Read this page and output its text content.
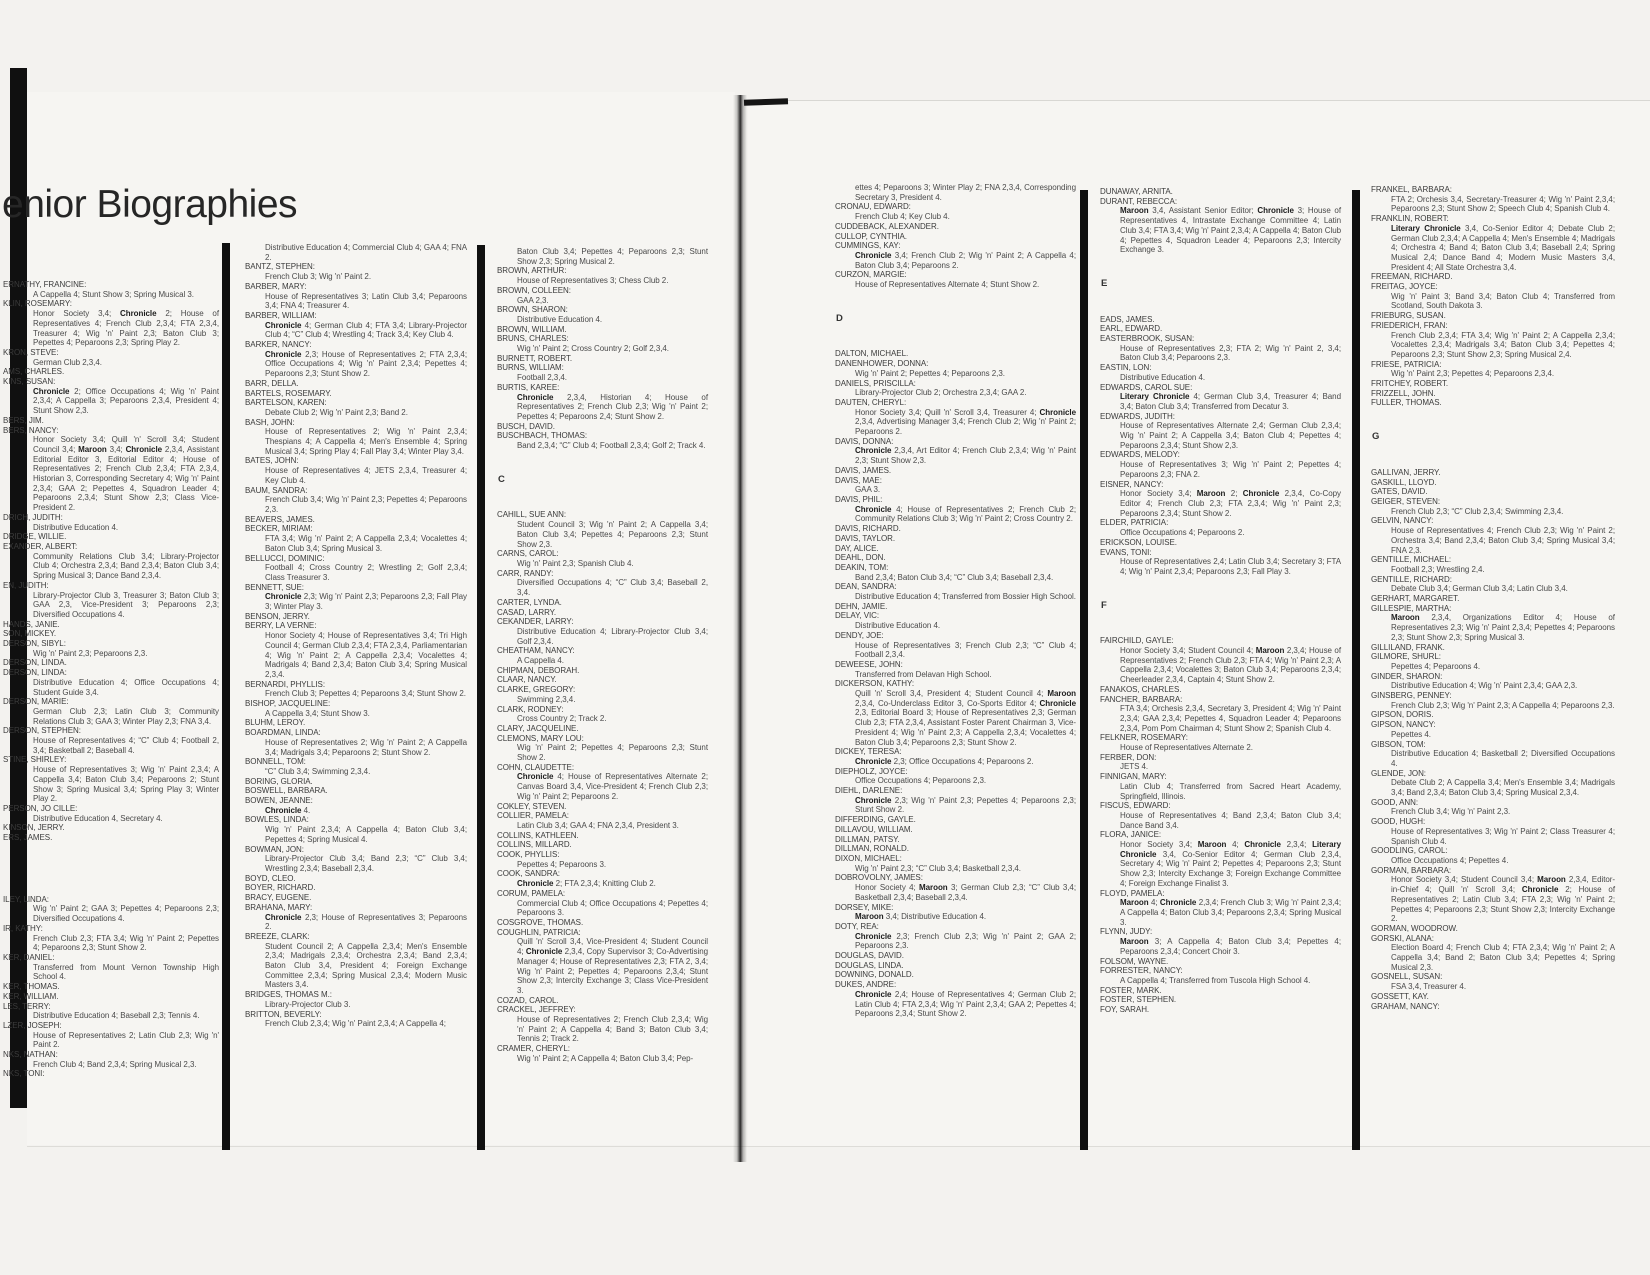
enior Biographies
ERNATHY, FRANCINE:
A Cappella 4; Stunt Show 3; Spring Musical 3.
KLIN, ROSEMARY:
Honor Society 3,4; Chronicle 2; House of Representatives 4; French Club 2,3,4; FTA 2,3,4, Treasurer 4; Wig 'n' Paint 2,3; Baton Club 3; Pepettes 4; Peparoons 2,3; Spring Play 2.
KRON, STEVE:
German Club 2,3,4.
AMS, CHARLES.
KINS, SUSAN:
Chronicle 2; Office Occupations 4; Wig 'n' Paint 2,3,4; A Cappella 3; Peparoons 2,3,4, President 4; Stunt Show 2,3.
BERS, JIM.
BERS, NANCY:
Honor Society 3,4; Quill 'n' Scroll 3,4; Student Council 3,4; Maroon 3,4; Chronicle 2,3,4, Assistant Editorial Editor 3, Editorial Editor 4; House of Representatives 2; French Club 2,3,4; FTA 2,3,4, Historian 3, Corresponding Secretary 4; Wig 'n' Paint 2,3,4; GAA 2; Pepettes 4, Squadron Leader 4; Peparoons 2,3,4; Stunt Show 2,3; Class Vice-President 2.
DRICH, JUDITH:
Distributive Education 4.
DRIDGE, WILLIE.
EXANDER, ALBERT:
Community Relations Club 3,4; Library-Projector Club 4; Orchestra 2,3,4; Band 2,3,4; Baton Club 3,4; Spring Musical 3; Dance Band 2,3,4.
EN, JUDITH:
Library-Projector Club 3, Treasurer 3; Baton Club 3; GAA 2,3, Vice-President 3; Peparoons 2,3; Diversified Occupations 4.
HANDS, JANIE.
SON, MICKEY.
DERSON, SIBYL:
Wig 'n' Paint 2,3; Peparoons 2,3.
DERSON, LINDA.
DERSON, LINDA:
Distributive Education 4; Office Occupations 4; Student Guide 3,4.
DERSON, MARIE:
German Club 2,3; Latin Club 3; Community Relations Club 3; GAA 3; Winter Play 2,3; FNA 3,4.
DERSON, STEPHEN:
House of Representatives 4; “C” Club 4; Football 2, 3,4; Basketball 2; Baseball 4.
STINE, SHIRLEY:
House of Representatives 3; Wig 'n' Paint 2,3,4; A Cappella 3,4; Baton Club 3,4; Peparoons 2; Stunt Show 3; Spring Musical 3,4; Spring Play 3; Winter Play 2.
PERSON, JO CILLE:
Distributive Education 4, Secretary 4.
KINSON, JERRY.
ERS, JAMES.
ILEY, LINDA:
Wig 'n' Paint 2; GAA 3; Pepettes 4; Peparoons 2,3; Diversified Occupations 4.
IR, KATHY:
French Club 2,3; FTA 3,4; Wig 'n' Paint 2; Pepettes 4; Peparoons 2,3; Stunt Show 2.
KER, DANIEL:
Transferred from Mount Vernon Township High School 4.
KER, THOMAS.
KER, WILLIAM.
LES, TERRY:
Distributive Education 4; Baseball 2,3; Tennis 4.
LZER, JOSEPH:
House of Representatives 2; Latin Club 2,3; Wig 'n' Paint 2.
NKS, NATHAN:
French Club 4; Band 2,3,4; Spring Musical 2,3.
NKS, TONI:
Distributive Education 4; Commercial Club 4; GAA 4; FNA 2.
BANTZ, STEPHEN:
French Club 3; Wig 'n' Paint 2.
BARBER, MARY:
House of Representatives 3; Latin Club 3,4; Peparoons 3,4; FNA 4; Treasurer 4.
BARBER, WILLIAM:
Chronicle 4; German Club 4; FTA 3,4; Library-Projector Club 4; “C” Club 4; Wrestling 4; Track 3,4; Key Club 4.
BARKER, NANCY:
Chronicle 2,3; House of Representatives 2; FTA 2,3,4; Office Occupations 4; Wig 'n' Paint 2,3,4; Pepettes 4; Peparoons 2,3; Stunt Show 2.
BARR, DELLA.
BARTELS, ROSEMARY.
BARTELSON, KAREN:
Debate Club 2; Wig 'n' Paint 2,3; Band 2.
BASH, JOHN:
House of Representatives 2; Wig 'n' Paint 2,3,4; Thespians 4; A Cappella 4; Men's Ensemble 4; Spring Musical 3,4; Spring Play 4; Fall Play 3,4; Winter Play 3,4.
BATES, JOHN:
House of Representatives 4; JETS 2,3,4, Treasurer 4; Key Club 4.
BAUM, SANDRA:
French Club 3,4; Wig 'n' Paint 2,3; Pepettes 4; Peparoons 2,3.
BEAVERS, JAMES.
BECKER, MIRIAM:
FTA 3,4; Wig 'n' Paint 2; A Cappella 2,3,4; Vocalettes 4; Baton Club 3,4; Spring Musical 3.
BELLUCCI, DOMINIC:
Football 4; Cross Country 2; Wrestling 2; Golf 2,3,4; Class Treasurer 3.
BENNETT, SUE:
Chronicle 2,3; Wig 'n' Paint 2,3; Peparoons 2,3; Fall Play 3; Winter Play 3.
BENSON, JERRY.
BERRY, LA VERNE:
Honor Society 4; House of Representatives 3,4; Tri High Council 4; German Club 2,3,4; FTA 2,3,4, Parliamentarian 4; Wig 'n' Paint 2; A Cappella 2,3,4; Vocalettes 4; Madrigals 4; Band 2,3,4; Baton Club 3,4; Spring Musical 2,3,4.
BERNARDI, PHYLLIS:
French Club 3; Pepettes 4; Peparoons 3,4; Stunt Show 2.
BISHOP, JACQUELINE:
A Cappella 3,4; Stunt Show 3.
BLUHM, LEROY.
BOARDMAN, LINDA:
House of Representatives 2; Wig 'n' Paint 2; A Cappella 3,4; Madrigals 3,4; Peparoons 2; Stunt Show 2.
BONNELL, TOM:
“C” Club 3,4; Swimming 2,3,4.
BORING, GLORIA.
BOSWELL, BARBARA.
BOWEN, JEANNE:
Chronicle 4.
BOWLES, LINDA:
Wig 'n' Paint 2,3,4; A Cappella 4; Baton Club 3,4; Pepettes 4; Spring Musical 4.
BOWMAN, JON:
Library-Projector Club 3,4; Band 2,3; “C” Club 3,4; Wrestling 2,3,4; Baseball 2,3,4.
BOYD, CLEO.
BOYER, RICHARD.
BRACY, EUGENE.
BRAHANA, MARY:
Chronicle 2,3; House of Representatives 3; Peparoons 2.
BREEZE, CLARK:
Student Council 2; A Cappella 2,3,4; Men's Ensemble 2,3,4; Madrigals 2,3,4; Orchestra 2,3,4; Band 2,3,4; Baton Club 3,4, President 4; Foreign Exchange Committee 2,3,4; Spring Musical 2,3,4; Modern Music Masters 3,4.
BRIDGES, THOMAS M.:
Library-Projector Club 3.
BRITTON, BEVERLY:
French Club 2,3,4; Wig 'n' Paint 2,3,4; A Cappella 4;
Baton Club 3,4; Pepettes 4; Peparoons 2,3; Stunt Show 2,3; Spring Musical 2.
BROWN, ARTHUR:
House of Representatives 3; Chess Club 2.
BROWN, COLLEEN:
GAA 2,3.
BROWN, SHARON:
Distributive Education 4.
BROWN, WILLIAM.
BRUNS, CHARLES:
Wig 'n' Paint 2; Cross Country 2; Golf 2,3,4.
BURNETT, ROBERT.
BURNS, WILLIAM:
Football 2,3,4.
BURTIS, KAREE:
Chronicle 2,3,4, Historian 4; House of Representatives 2; French Club 2,3; Wig 'n' Paint 2; Pepettes 4; Peparoons 2,4; Stunt Show 2.
BUSCH, DAVID.
BUSCHBACH, THOMAS:
Band 2,3,4; “C” Club 4; Football 2,3,4; Golf 2; Track 4.
C
CAHILL, SUE ANN:
Student Council 3; Wig 'n' Paint 2; A Cappella 3,4; Baton Club 3,4; Pepettes 4; Peparoons 2,3; Stunt Show 2,3.
CARNS, CAROL:
Wig 'n' Paint 2,3; Spanish Club 4.
CARR, RANDY:
Diversified Occupations 4; “C” Club 3,4; Baseball 2, 3,4.
CARTER, LYNDA.
CASAD, LARRY.
CEKANDER, LARRY:
Distributive Education 4; Library-Projector Club 3,4; Golf 2,3,4.
CHEATHAM, NANCY:
A Cappella 4.
CHIPMAN, DEBORAH.
CLAAR, NANCY.
CLARKE, GREGORY:
Swimming 2,3,4.
CLARK, RODNEY:
Cross Country 2; Track 2.
CLARY, JACQUELINE.
CLEMONS, MARY LOU:
Wig 'n' Paint 2; Pepettes 4; Peparoons 2,3; Stunt Show 2.
COHN, CLAUDETTE:
Chronicle 4; House of Representatives Alternate 2; Canvas Board 3,4, Vice-President 4; French Club 2,3; Wig 'n' Paint 2; Peparoons 2.
COKLEY, STEVEN.
COLLIER, PAMELA:
Latin Club 3,4; GAA 4; FNA 2,3,4, President 3.
COLLINS, KATHLEEN.
COLLINS, MILLARD.
COOK, PHYLLIS:
Pepettes 4; Peparoons 3.
COOK, SANDRA:
Chronicle 2; FTA 2,3,4; Knitting Club 2.
CORUM, PAMELA:
Commercial Club 4; Office Occupations 4; Pepettes 4; Peparoons 3.
COSGROVE, THOMAS.
COUGHLIN, PATRICIA:
Quill 'n' Scroll 3,4, Vice-President 4; Student Council 4; Chronicle 2,3,4, Copy Supervisor 3; Co-Advertising Manager 4; House of Representatives 2,3; FTA 2, 3,4; Wig 'n' Paint 2; Pepettes 4; Peparoons 2,3,4; Stunt Show 2,3; Intercity Exchange 3; Class Vice-President 3.
COZAD, CAROL.
CRACKEL, JEFFREY:
House of Representatives 2; French Club 2,3,4; Wig 'n' Paint 2; A Cappella 4; Band 3; Baton Club 3,4; Tennis 2; Track 2.
CRAMER, CHERYL:
Wig 'n' Paint 2; A Cappella 4; Baton Club 3,4; Pep-
ettes 4; Peparoons 3; Winter Play 2; FNA 2,3,4, Corresponding Secretary 3, President 4.
CRONAU, EDWARD:
French Club 4; Key Club 4.
CUDDEBACK, ALEXANDER.
CULLOP, CYNTHIA.
CUMMINGS, KAY:
Chronicle 3,4; French Club 2; Wig 'n' Paint 2; A Cappella 4; Baton Club 3,4; Peparoons 2.
CURZON, MARGIE:
House of Representatives Alternate 4; Stunt Show 2.
D
DALTON, MICHAEL.
DANENHOWER, DONNA:
Wig 'n' Paint 2; Pepettes 4; Peparoons 2,3.
DANIELS, PRISCILLA:
Library-Projector Club 2; Orchestra 2,3,4; GAA 2.
DAUTEN, CHERYL:
Honor Society 3,4; Quill 'n' Scroll 3,4, Treasurer 4; Chronicle 2,3,4, Advertising Manager 3,4; French Club 2; Wig 'n' Paint 2; Peparoons 2.
DAVIS, DONNA:
Chronicle 2,3,4, Art Editor 4; French Club 2,3,4; Wig 'n' Paint 2,3; Stunt Show 2,3.
DAVIS, JAMES.
DAVIS, MAE:
GAA 3.
DAVIS, PHIL:
Chronicle 4; House of Representatives 2; French Club 2; Community Relations Club 3; Wig 'n' Paint 2; Cross Country 2.
DAVIS, RICHARD.
DAVIS, TAYLOR.
DAY, ALICE.
DEAHL, DON.
DEAKIN, TOM:
Band 2,3,4; Baton Club 3,4; “C” Club 3,4; Baseball 2,3,4.
DEAN, SANDRA:
Distributive Education 4; Transferred from Bossier High School.
DEHN, JAMIE.
DELAY, VIC:
Distributive Education 4.
DENDY, JOE:
House of Representatives 3; French Club 2,3; “C” Club 4; Football 2,3,4.
DEWEESE, JOHN:
Transferred from Delavan High School.
DICKERSON, KATHY:
Quill 'n' Scroll 3,4, President 4; Student Council 4; Maroon 2,3,4, Co-Underclass Editor 3, Co-Sports Editor 4; Chronicle 2,3, Editorial Board 3; House of Representatives 2,3; German Club 2,3; FTA 2,3,4, Assistant Foster Parent Chairman 3, Vice-President 4; Wig 'n' Paint 2,3; A Cappella 2,3,4; Vocalettes 4; Baton Club 3,4; Peparoons 2,3; Stunt Show 2.
DICKEY, TERESA:
Chronicle 2,3; Office Occupations 4; Peparoons 2.
DIEPHOLZ, JOYCE:
Office Occupations 4; Peparoons 2,3.
DIEHL, DARLENE:
Chronicle 2,3; Wig 'n' Paint 2,3; Pepettes 4; Peparoons 2,3; Stunt Show 2.
DIFFERDING, GAYLE.
DILLAVOU, WILLIAM.
DILLMAN, PATSY.
DILLMAN, RONALD.
DIXON, MICHAEL:
Wig 'n' Paint 2,3; “C” Club 3,4; Basketball 2,3,4.
DOBROVOLNY, JAMES:
Honor Society 4; Maroon 3; German Club 2,3; “C” Club 3,4; Basketball 2,3,4; Baseball 2,3,4.
DORSEY, MIKE:
Maroon 3,4; Distributive Education 4.
DOTY, REA:
Chronicle 2,3; French Club 2,3; Wig 'n' Paint 2; GAA 2; Peparoons 2,3.
DOUGLAS, DAVID.
DOUGLAS, LINDA.
DOWNING, DONALD.
DUKES, ANDRE:
Chronicle 2,4; House of Representatives 4; German Club 2; Latin Club 4; FTA 2,3,4; Wig 'n' Paint 2,3,4; GAA 2; Pepettes 4; Peparoons 2,3,4; Stunt Show 2.
DUNAWAY, ARNITA.
DURANT, REBECCA:
Maroon 3,4, Assistant Senior Editor; Chronicle 3; House of Representatives 4, Intrastate Exchange Committee 4; Latin Club 3,4; FTA 3,4; Wig 'n' Paint 2,3,4; A Cappella 4; Baton Club 4; Pepettes 4, Squadron Leader 4; Peparoons 2,3; Intercity Exchange 3.
E
EADS, JAMES.
EARL, EDWARD.
EASTERBROOK, SUSAN:
House of Representatives 2,3; FTA 2; Wig 'n' Paint 2, 3,4; Baton Club 3,4; Peparoons 2,3.
EASTIN, LON:
Distributive Education 4.
EDWARDS, CAROL SUE:
Literary Chronicle 4; German Club 3,4, Treasurer 4; Band 3,4; Baton Club 3,4; Transferred from Decatur 3.
EDWARDS, JUDITH:
House of Representatives Alternate 2,4; German Club 2,3,4; Wig 'n' Paint 2; A Cappella 3,4; Baton Club 4; Pepettes 4; Peparoons 2,3,4; Stunt Show 2,3.
EDWARDS, MELODY:
House of Representatives 3; Wig 'n' Paint 2; Pepettes 4; Peparoons 2,3; FNA 2.
EISNER, NANCY:
Honor Society 3,4; Maroon 2; Chronicle 2,3,4, Co-Copy Editor 4; French Club 2,3; FTA 2,3,4; Wig 'n' Paint 2,3; Peparoons 2,3,4; Stunt Show 2.
ELDER, PATRICIA:
Office Occupations 4; Peparoons 2.
ERICKSON, LOUISE.
EVANS, TONI:
House of Representatives 2,4; Latin Club 3,4; Secretary 3; FTA 4; Wig 'n' Paint 2,3,4; Peparoons 2,3; Fall Play 3.
F
FAIRCHILD, GAYLE:
Honor Society 3,4; Student Council 4; Maroon 2,3,4; House of Representatives 2; French Club 2,3; FTA 4; Wig 'n' Paint 2,3; A Cappella 2,3,4; Vocalettes 3; Baton Club 3,4; Peparoons 2,3,4; Cheerleader 2,3,4, Captain 4; Stunt Show 2.
FANAKOS, CHARLES.
FANCHER, BARBARA:
FTA 3,4; Orchesis 2,3,4, Secretary 3, President 4; Wig 'n' Paint 2,3,4; GAA 2,3,4; Pepettes 4, Squadron Leader 4; Peparoons 2,3,4, Pom Pom Chairman 4; Stunt Show 2; Spanish Club 4.
FELKNER, ROSEMARY:
House of Representatives Alternate 2.
FERBER, DON:
JETS 4.
FINNIGAN, MARY:
Latin Club 4; Transferred from Sacred Heart Academy, Springfield, Illinois.
FISCUS, EDWARD:
House of Representatives 4; Band 2,3,4; Baton Club 3,4; Dance Band 3,4.
FLORA, JANICE:
Honor Society 3,4; Maroon 4; Chronicle 2,3,4; Literary Chronicle 3,4, Co-Senior Editor 4; German Club 2,3,4, Secretary 4; Wig 'n' Paint 2; Pepettes 4; Peparoons 2,3; Stunt Show 2,3; Intercity Exchange 3; Foreign Exchange Committee 4; Foreign Exchange Finalist 3.
FLOYD, PAMELA:
Maroon 4; Chronicle 2,3,4; French Club 3; Wig 'n' Paint 2,3,4; A Cappella 4; Baton Club 3,4; Peparoons 2,3,4; Spring Musical 3.
FLYNN, JUDY:
Maroon 3; A Cappella 4; Baton Club 3,4; Pepettes 4; Peparoons 2,3,4; Concert Choir 3.
FOLSOM, WAYNE.
FORRESTER, NANCY:
A Cappella 4; Transferred from Tuscola High School 4.
FOSTER, MARK.
FOSTER, STEPHEN.
FOY, SARAH.
FRANKEL, BARBARA:
FTA 2; Orchesis 3,4, Secretary-Treasurer 4; Wig 'n' Paint 2,3,4; Peparoons 2,3; Stunt Show 2; Speech Club 4; Spanish Club 4.
FRANKLIN, ROBERT:
Literary Chronicle 3,4, Co-Senior Editor 4; Debate Club 2; German Club 2,3,4; A Cappella 4; Men's Ensemble 4; Madrigals 4; Orchestra 4; Band 4; Baton Club 3,4; Baseball 2,4; Spring Musical 2,4; Dance Band 4; Modern Music Masters 3,4, President 4; All State Orchestra 3,4.
FREEMAN, RICHARD.
FREITAG, JOYCE:
Wig 'n' Paint 3; Band 3,4; Baton Club 4; Transferred from Scotland, South Dakota 3.
FRIEBURG, SUSAN.
FRIEDERICH, FRAN:
French Club 2,3,4; FTA 3,4; Wig 'n' Paint 2; A Cappella 2,3,4; Vocalettes 2,3,4; Madrigals 3,4; Baton Club 3,4; Pepettes 4; Peparoons 2,3; Stunt Show 2,3; Spring Musical 2,4.
FRIESE, PATRICIA:
Wig 'n' Paint 2,3; Pepettes 4; Peparoons 2,3,4.
FRITCHEY, ROBERT.
FRIZZELL, JOHN.
FULLER, THOMAS.
G
GALLIVAN, JERRY.
GASKILL, LLOYD.
GATES, DAVID.
GEIGER, STEVEN:
French Club 2,3; “C” Club 2,3,4; Swimming 2,3,4.
GELVIN, NANCY:
House of Representatives 4; French Club 2,3; Wig 'n' Paint 2; Orchestra 3,4; Band 2,3,4; Baton Club 3,4; Spring Musical 3,4; FNA 2,3.
GENTILLE, MICHAEL:
Football 2,3; Wrestling 2,4.
GENTILLE, RICHARD:
Debate Club 3,4; German Club 3,4; Latin Club 3,4.
GERHART, MARGARET.
GILLESPIE, MARTHA:
Maroon 2,3,4, Organizations Editor 4; House of Representatives 2,3; Wig 'n' Paint 2,3,4; Pepettes 4; Peparoons 2,3; Stunt Show 2,3; Spring Musical 3.
GILLILAND, FRANK.
GILMORE, SHURL:
Pepettes 4; Peparoons 4.
GINDER, SHARON:
Distributive Education 4; Wig 'n' Paint 2,3,4; GAA 2,3.
GINSBERG, PENNEY:
French Club 2,3; Wig 'n' Paint 2,3; A Cappella 4; Peparoons 2,3.
GIPSON, DORIS.
GIPSON, NANCY:
Pepettes 4.
GIBSON, TOM:
Distributive Education 4; Basketball 2; Diversified Occupations 4.
GLENDE, JON:
Debate Club 2; A Cappella 3,4; Men's Ensemble 3,4; Madrigals 3,4; Band 2,3,4; Baton Club 3,4; Spring Musical 2,3,4.
GOOD, ANN:
French Club 3,4; Wig 'n' Paint 2,3.
GOOD, HUGH:
House of Representatives 3; Wig 'n' Paint 2; Class Treasurer 4; Spanish Club 4.
GOODLING, CAROL:
Office Occupations 4; Pepettes 4.
GORMAN, BARBARA:
Honor Society 3,4; Student Council 3,4; Maroon 2,3,4, Editor-in-Chief 4; Quill 'n' Scroll 3,4; Chronicle 2; House of Representatives 2; Latin Club 3,4; FTA 2,3; Wig 'n' Paint 2; Pepettes 4; Peparoons 2,3; Stunt Show 2,3; Intercity Exchange 2.
GORMAN, WOODROW.
GORSKI, ALANA:
Election Board 4; French Club 4; FTA 2,3,4; Wig 'n' Paint 2; A Cappella 3,4; Band 2; Baton Club 3,4; Pepettes 4; Spring Musical 2,3.
GOSNELL, SUSAN:
FSA 3,4, Treasurer 4.
GOSSETT, KAY.
GRAHAM, NANCY:
